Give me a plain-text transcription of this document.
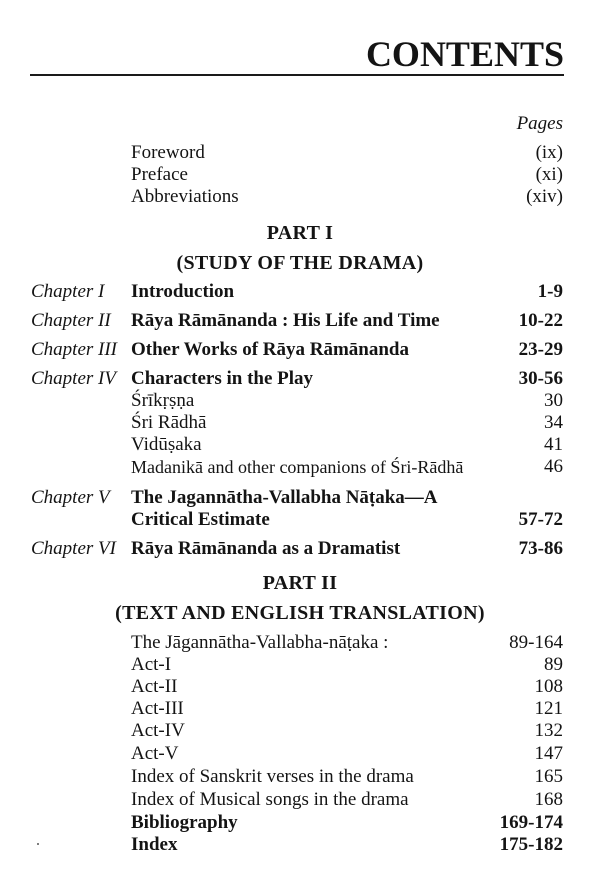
CONTENTS
Pages
Foreword	(ix)
Preface	(xi)
Abbreviations	(xiv)
PART I
(STUDY OF THE DRAMA)
Chapter I Introduction	1-9
Chapter II Rāya Rāmānanda : His Life and Time	10-22
Chapter III Other Works of Rāya Rāmānanda	23-29
Chapter IV Characters in the Play	30-56
Śrīkṛṣṇa	30
Śri Rādhā	34
Vidūṣaka	41
Madanikā and other companions of Śri-Rādhā	46
Chapter V The Jagannātha-Vallabha Nāṭaka—A
Critical Estimate	57-72
Chapter VI Rāya Rāmānanda as a Dramatist	73-86
PART II
(TEXT AND ENGLISH TRANSLATION)
The Jāgannātha-Vallabha-nāṭaka :	89-164
Act-I	89
Act-II	108
Act-III	121
Act-IV	132
Act-V	147
Index of Sanskrit verses in the drama	165
Index of Musical songs in the drama	168
Bibliography	169-174
Index	175-182
